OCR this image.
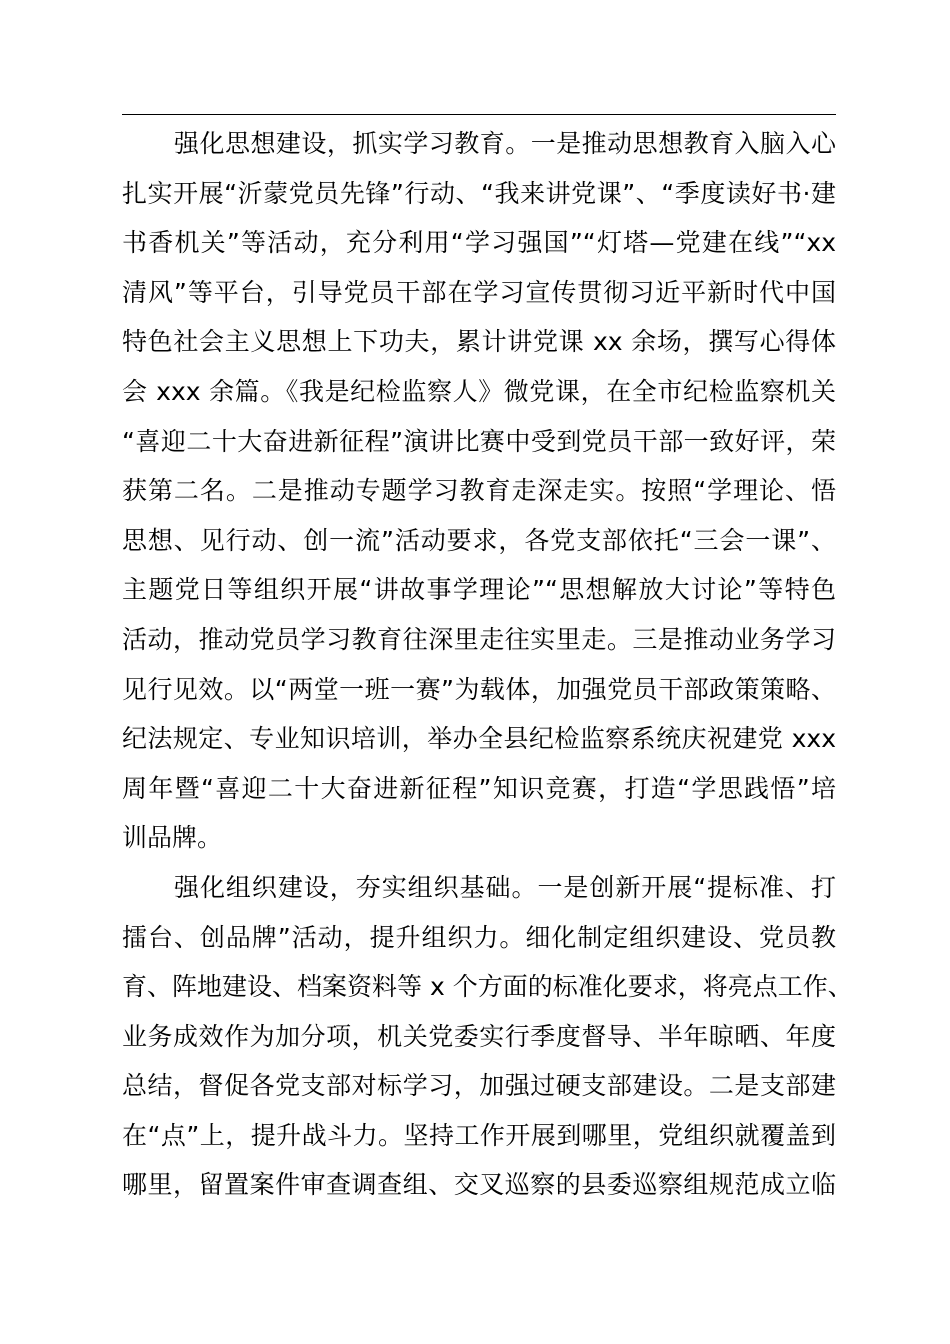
强化思想建设，抓实学习教育。一是推动思想教育入脑入心
扎实开展“沂蒙党员先锋”行动、“我来讲党课”、“季度读好书·建
书香机关”等活动，充分利用“学习强国”“灯塔—党建在线”“xx
清风”等平台，引导党员干部在学习宣传贯彻习近平新时代中国
特色社会主义思想上下功夫，累计讲党课 xx 余场，撰写心得体
会 xxx 余篇。《我是纪检监察人》微党课，在全市纪检监察机关
“喜迎二十大奋进新征程”演讲比赛中受到党员干部一致好评，荣
获第二名。二是推动专题学习教育走深走实。按照“学理论、悟
思想、见行动、创一流”活动要求，各党支部依托“三会一课”、
主题党日等组织开展“讲故事学理论”“思想解放大讨论”等特色
活动，推动党员学习教育往深里走往实里走。三是推动业务学习
见行见效。以“两堂一班一赛”为载体，加强党员干部政策策略、
纪法规定、专业知识培训，举办全县纪检监察系统庆祝建党 xxx
周年暨“喜迎二十大奋进新征程”知识竞赛，打造“学思践悟”培
训品牌。
强化组织建设，夯实组织基础。一是创新开展“提标准、打
擂台、创品牌”活动，提升组织力。细化制定组织建设、党员教
育、阵地建设、档案资料等 x 个方面的标准化要求，将亮点工作、
业务成效作为加分项，机关党委实行季度督导、半年晾晒、年度
总结，督促各党支部对标学习，加强过硬支部建设。二是支部建
在“点”上，提升战斗力。坚持工作开展到哪里，党组织就覆盖到
哪里，留置案件审查调查组、交叉巡察的县委巡察组规范成立临
